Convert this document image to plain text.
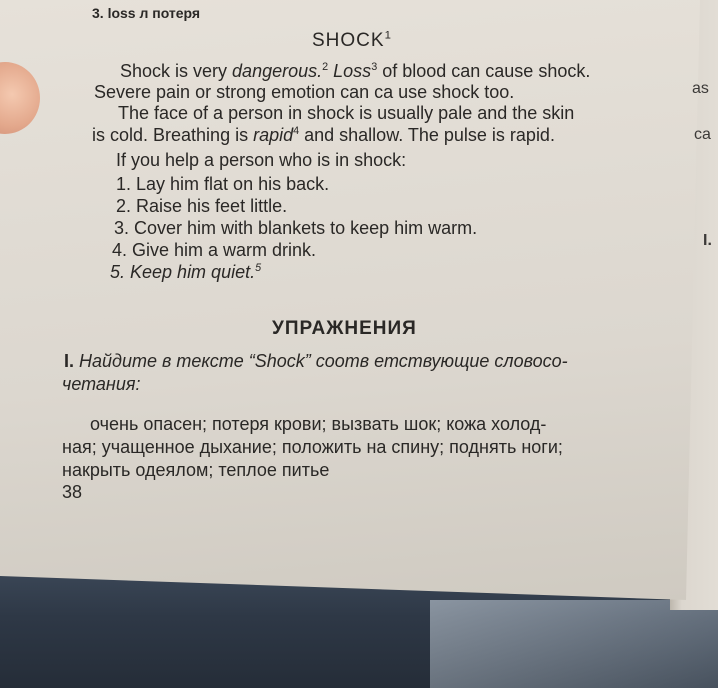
as
ca
I.
3. loss л потеря
SHOCK$^1$
Shock is very dangerous.$^2$ Loss$^3$ of blood can cause shock.
Severe pain or strong emotion can ca use shock too.
The face of a person in shock is usually pale and the skin
is cold. Breathing is rapid$^4$ and shallow. The pulse is rapid.
If you help a person who is in shock:
1. Lay him flat on his back.
2. Raise his feet little.
3. Cover him with blankets to keep him warm.
4. Give him a warm drink.
5. Keep him quiet.$^5$
УПРАЖНЕНИЯ
I. Найдите в тексте “Shock” соотв етствующие словосо-
четания:
очень опасен; потеря крови; вызвать шок; кожа холод-
ная; учащенное дыхание; положить на спину; поднять ноги;
накрыть одеялом; теплое питье
38
